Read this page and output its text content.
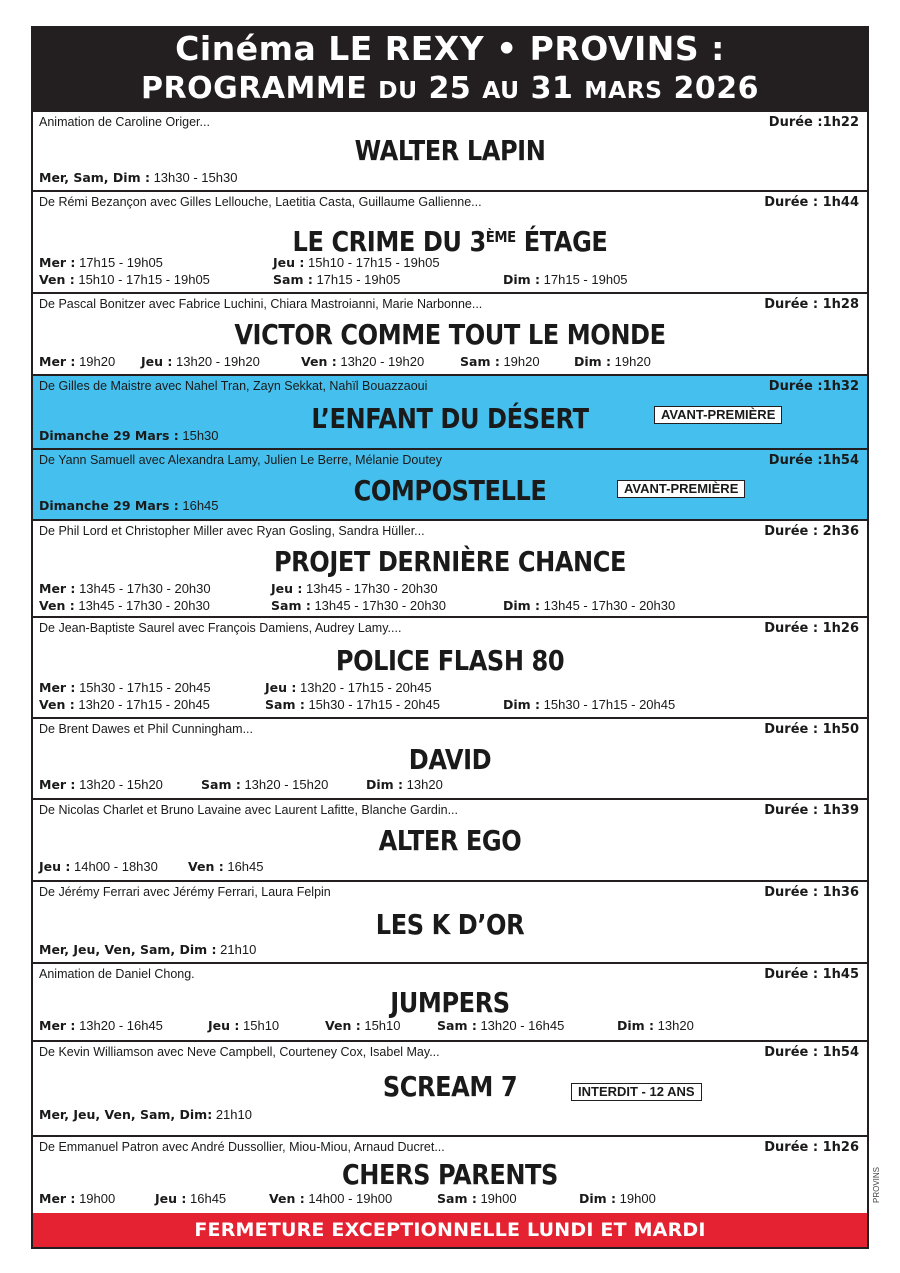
Cinéma LE REXY • PROVINS :
PROGRAMME DU 25 AU 31 MARS 2026
Animation de Caroline Origer...	Durée :1h22
WALTER LAPIN
Mer, Sam, Dim : 13h30 - 15h30
De Rémi Bezançon avec Gilles Lellouche, Laetitia Casta, Guillaume Gallienne...	Durée : 1h44
LE CRIME DU 3ÈME ÉTAGE
Mer : 17h15 - 19h05	Jeu : 15h10 - 17h15 - 19h05
Ven : 15h10 - 17h15 - 19h05	Sam : 17h15 - 19h05	Dim : 17h15 - 19h05
De Pascal Bonitzer avec Fabrice Luchini, Chiara Mastroianni, Marie Narbonne...	Durée : 1h28
VICTOR COMME TOUT LE MONDE
Mer : 19h20 Jeu : 13h20 - 19h20	Ven : 13h20 - 19h20	Sam : 19h20	Dim : 19h20
De Gilles de Maistre avec Nahel Tran, Zayn Sekkat, Nahïl Bouazzaoui	Durée :1h32
L’ENFANT DU DÉSERT	AVANT-PREMIÈRE
Dimanche 29 Mars : 15h30
De Yann Samuell avec Alexandra Lamy, Julien Le Berre, Mélanie Doutey	Durée :1h54
COMPOSTELLE	AVANT-PREMIÈRE
Dimanche 29 Mars : 16h45
De Phil Lord et Christopher Miller avec Ryan Gosling, Sandra Hüller...	Durée : 2h36
PROJET DERNIÈRE CHANCE
Mer : 13h45 - 17h30 - 20h30	Jeu : 13h45 - 17h30 - 20h30
Ven : 13h45 - 17h30 - 20h30	Sam : 13h45 - 17h30 - 20h30	Dim : 13h45 - 17h30 - 20h30
De Jean-Baptiste Saurel avec François Damiens, Audrey Lamy....	Durée : 1h26
POLICE FLASH 80
Mer : 15h30 - 17h15 - 20h45	Jeu : 13h20 - 17h15 - 20h45
Ven : 13h20 - 17h15 - 20h45	Sam : 15h30 - 17h15 - 20h45	Dim : 15h30 - 17h15 - 20h45
De Brent Dawes et Phil Cunningham...	Durée : 1h50
DAVID
Mer : 13h20 - 15h20	Sam : 13h20 - 15h20	Dim : 13h20
De Nicolas Charlet et Bruno Lavaine avec Laurent Lafitte, Blanche Gardin...	Durée : 1h39
ALTER EGO
Jeu : 14h00 - 18h30 Ven : 16h45
De Jérémy Ferrari avec Jérémy Ferrari, Laura Felpin	Durée : 1h36
LES K D’OR
Mer, Jeu, Ven, Sam, Dim : 21h10
Animation de Daniel Chong.	Durée : 1h45
JUMPERS
Mer : 13h20 - 16h45	Jeu : 15h10	Ven : 15h10	Sam : 13h20 - 16h45	Dim : 13h20
De Kevin Williamson avec Neve Campbell, Courteney Cox, Isabel May...	Durée : 1h54
SCREAM 7	INTERDIT - 12 ANS
Mer, Jeu, Ven, Sam, Dim: 21h10
De Emmanuel Patron avec André Dussollier, Miou-Miou, Arnaud Ducret...	Durée : 1h26
CHERS PARENTS
Mer : 19h00	Jeu : 16h45	Ven : 14h00 - 19h00	Sam : 19h00	Dim : 19h00
FERMETURE EXCEPTIONNELLE LUNDI ET MARDI
PROVINS
